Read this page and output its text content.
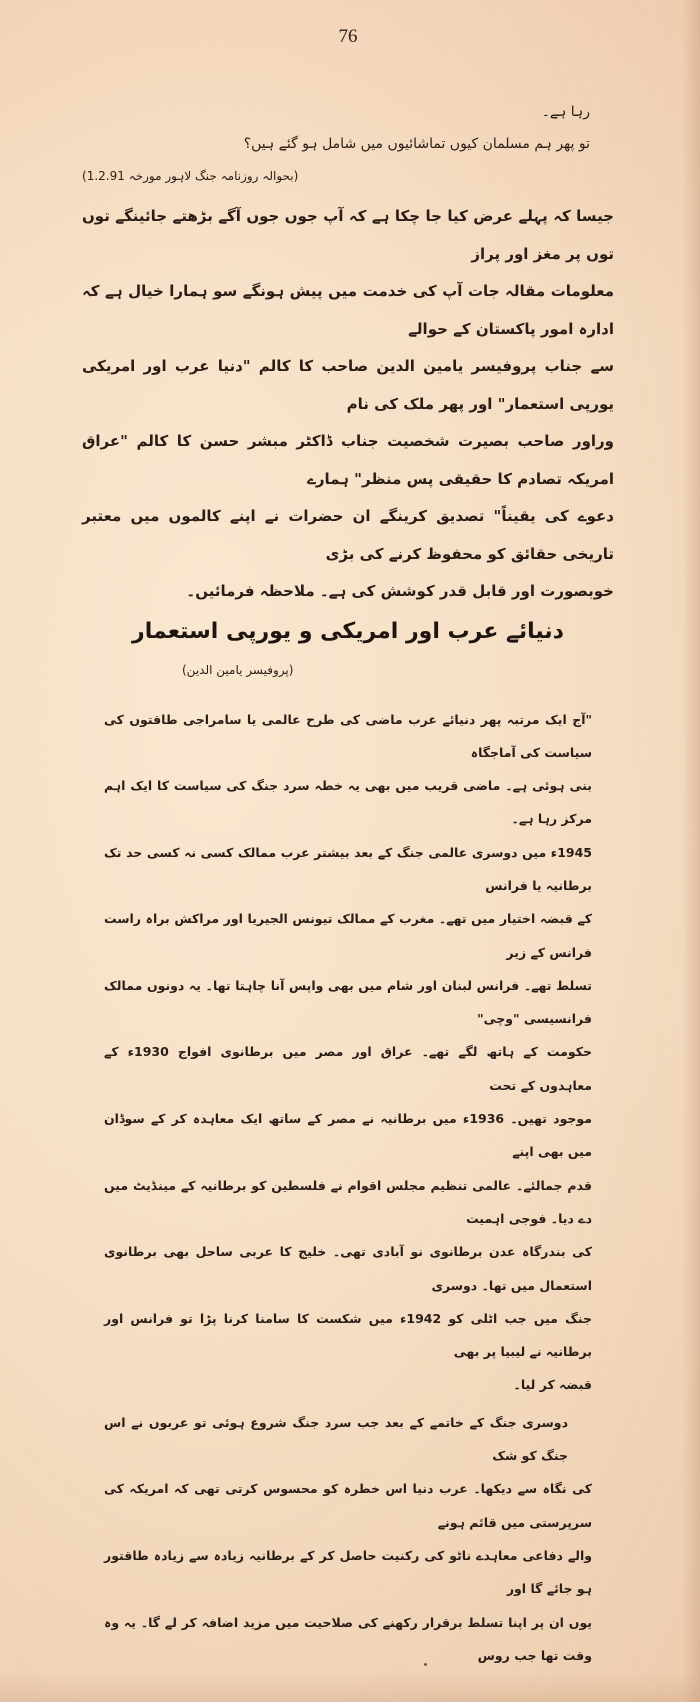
76
رہا ہے۔
تو پھر ہم مسلمان کیوں تماشائیوں میں شامل ہو گئے ہیں؟
(بحوالہ روزنامہ جنگ لاہور مورخہ 1.2.91)
جیسا کہ پہلے عرض کیا جا چکا ہے کہ آپ جوں جوں آگے بڑھتے جائینگے توں توں پر مغز اور پراز
معلومات مقالہ جات آپ کی خدمت میں پیش ہونگے سو ہمارا خیال ہے کہ ادارہ امور پاکستان کے حوالے
سے جناب پروفیسر یامین الدین صاحب کا کالم "دنیا عرب اور امریکی یورپی استعمار" اور پھر ملک کی نام
وراور صاحب بصیرت شخصیت جناب ڈاکٹر مبشر حسن کا کالم "عراق امریکہ تصادم کا حقیقی پس منظر" ہمارے
دعوے کی یقیناً" تصدیق کرینگے ان حضرات نے اپنے کالموں میں معتبر تاریخی حقائق کو محفوظ کرنے کی بڑی
خوبصورت اور قابل قدر کوشش کی ہے۔ ملاحظہ فرمائیں۔
دنیائے عرب اور امریکی و یورپی استعمار
(پروفیسر یامین الدین)
"آج ایک مرتبہ پھر دنیائے عرب ماضی کی طرح عالمی یا سامراجی طاقتوں کی سیاست کی آماجگاہ
بنی ہوئی ہے۔ ماضی قریب میں بھی یہ خطہ سرد جنگ کی سیاست کا ایک اہم مرکز رہا ہے۔
1945ء میں دوسری عالمی جنگ کے بعد بیشتر عرب ممالک کسی نہ کسی حد تک برطانیہ یا فرانس
کے قبضہ اختیار میں تھے۔ مغرب کے ممالک تیونس الجیریا اور مراکش براہ راست فرانس کے زیر
تسلط تھے۔ فرانس لبنان اور شام میں بھی واپس آنا چاہتا تھا۔ یہ دونوں ممالک فرانسیسی "وچی"
حکومت کے ہاتھ لگے تھے۔ عراق اور مصر میں برطانوی افواج 1930ء کے معاہدوں کے تحت
موجود تھیں۔ 1936ء میں برطانیہ نے مصر کے ساتھ ایک معاہدہ کر کے سوڈان میں بھی اپنے
قدم جمالئے۔ عالمی تنظیم مجلس اقوام نے فلسطین کو برطانیہ کے مینڈیٹ میں دے دیا۔ فوجی اہمیت
کی بندرگاہ عدن برطانوی نو آبادی تھی۔ خلیج کا عربی ساحل بھی برطانوی استعمال میں تھا۔ دوسری
جنگ میں جب اٹلی کو 1942ء میں شکست کا سامنا کرنا پڑا تو فرانس اور برطانیہ نے لیبیا پر بھی
قبضہ کر لیا۔
دوسری جنگ کے خاتمے کے بعد جب سرد جنگ شروع ہوئی تو عربوں نے اس جنگ کو شک
کی نگاہ سے دیکھا۔ عرب دنیا اس خطرہ کو محسوس کرتی تھی کہ امریکہ کی سرپرستی میں قائم ہونے
والے دفاعی معاہدے ناٹو کی رکنیت حاصل کر کے برطانیہ زیادہ سے زیادہ طاقتور ہو جائے گا اور
یوں ان پر اپنا تسلط برقرار رکھنے کی صلاحیت میں مزید اضافہ کر لے گا۔ یہ وہ وقت تھا جب روس
